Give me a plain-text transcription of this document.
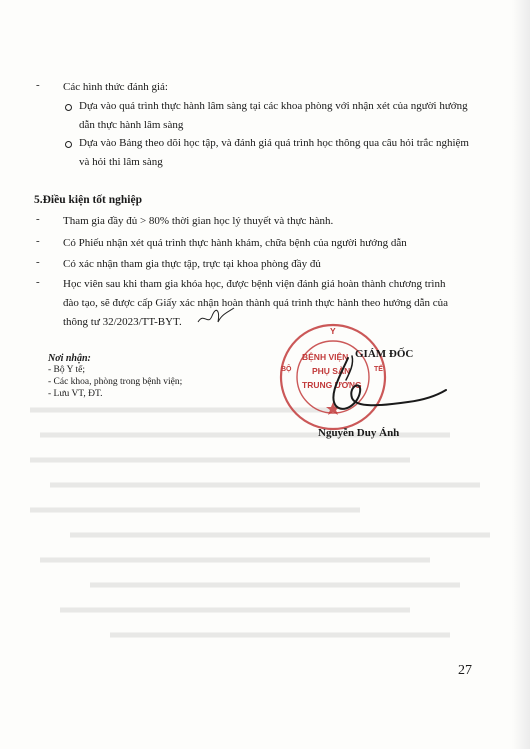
- Các hình thức đánh giá:
Dựa vào quá trình thực hành lâm sàng tại các khoa phòng với nhận xét của người hướng
dẫn thực hành lâm sàng
Dựa vào Bảng theo dõi học tập, và đánh giá quá trình học thông qua câu hỏi trắc nghiệm
và hỏi thi lâm sàng
5.Điều kiện tốt nghiệp
- Tham gia đầy đủ > 80% thời gian học lý thuyết và thực hành.
- Có Phiếu nhận xét quá trình thực hành khám, chữa bệnh của người hướng dẫn
- Có xác nhận tham gia thực tập, trực tại khoa phòng đầy đủ
- Học viên sau khi tham gia khóa học, được bệnh viện đánh giá hoàn thành chương trình
đào tạo, sẽ được cấp Giấy xác nhận hoàn thành quá trình thực hành theo hướng dẫn của
thông tư 32/2023/TT-BYT.
Nơi nhận:
- Bộ Y tế;
- Các khoa, phòng trong bệnh viện;
- Lưu VT, ĐT.
Y
BỘ	TẾ
BỆNH VIỆN
PHỤ SẢN
TRUNG ƯƠNG
GIÁM ĐỐC
Nguyễn Duy Ánh
27
